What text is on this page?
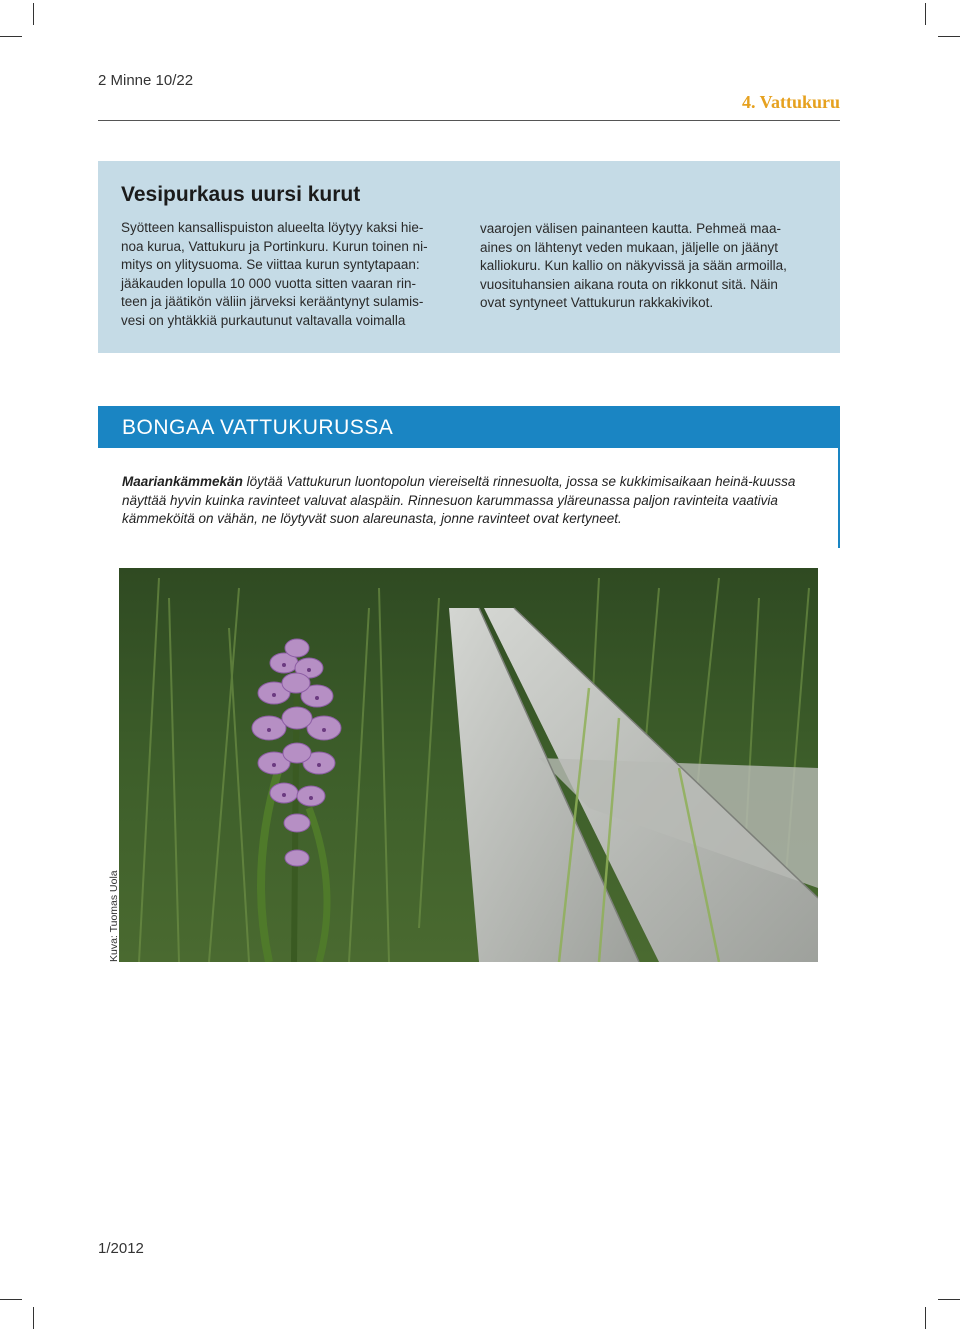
2 Minne 10/22
4. Vattukuru
Vesipurkaus uursi kurut

Syötteen kansallispuiston alueelta löytyy kaksi hie-

noa kurua, Vattukuru ja Portinkuru. Kurun toinen ni-

mitys on ylitysuoma. Se viittaa kurun syntytapaan:

jääkauden lopulla 10 000 vuotta sitten vaaran rin-

teen ja jäätikön väliin järveksi kerääntynyt sulamis-

vesi on yhtäkkiä purkautunut valtavalla voimalla

vaarojen välisen painanteen kautta. Pehmeä maa-

aines on lähtenyt veden mukaan, jäljelle on jäänyt

kalliokuru. Kun kallio on näkyvissä ja sään armoilla,

vuosituhansien aikana routa on rikkonut sitä. Näin

ovat syntyneet Vattukurun rakkakivikot.

BONGAA VATTUKURUSSA
Maariankämmekän löytää Vattukurun luontopolun viereiseltä rinnesuolta, jossa se kukkimisaikaan heinä-kuussa näyttää hyvin kuinka ravinteet valuvat alaspäin. Rinnesuon karummassa yläreunassa paljon ravinteita vaativia kämmeköitä on vähän, ne löytyvät suon alareunasta, jonne ravinteet ovat kertyneet.
Kuva: Tuomas Uola
1/2012
